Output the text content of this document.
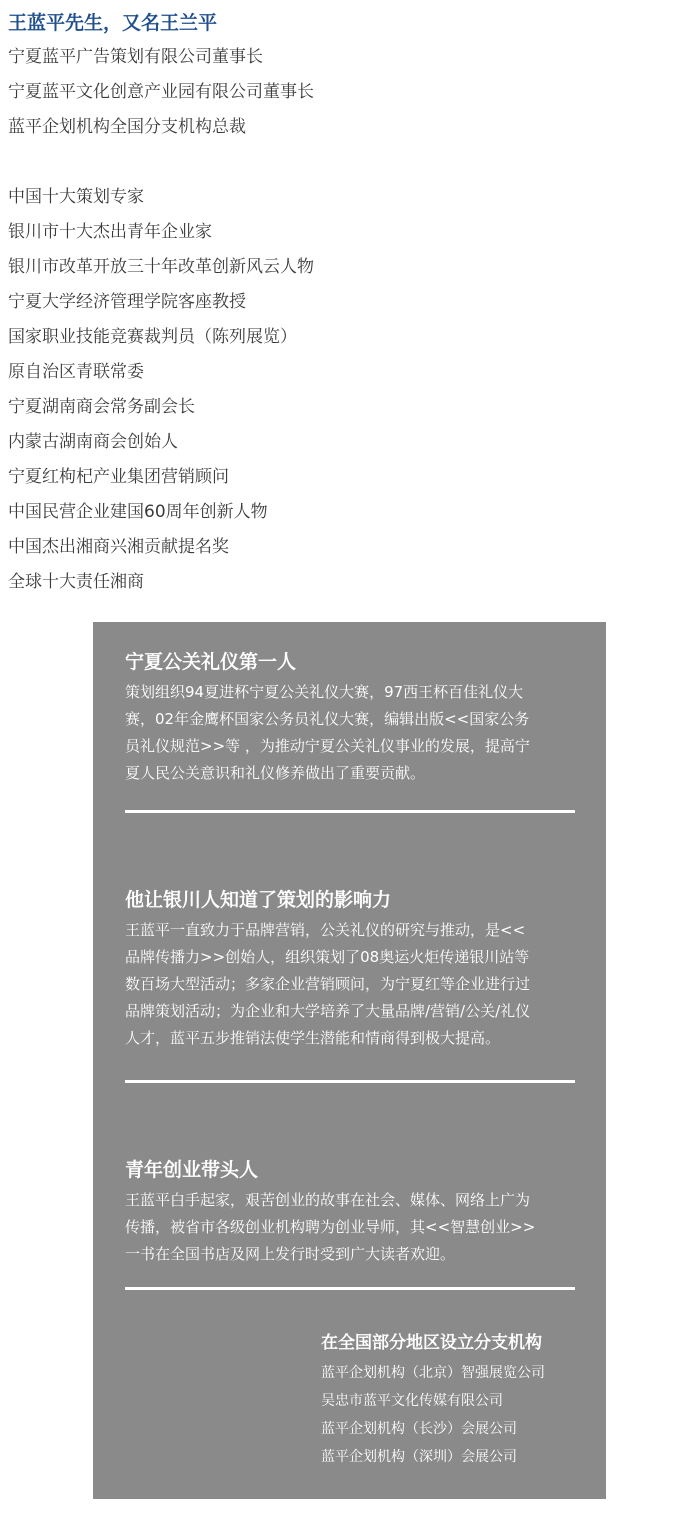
王蓝平先生，又名王兰平
宁夏蓝平广告策划有限公司董事长
宁夏蓝平文化创意产业园有限公司董事长
蓝平企划机构全国分支机构总裁
中国十大策划专家
银川市十大杰出青年企业家
银川市改革开放三十年改革创新风云人物
宁夏大学经济管理学院客座教授
国家职业技能竞赛裁判员（陈列展览）
原自治区青联常委
宁夏湖南商会常务副会长
内蒙古湖南商会创始人
宁夏红枸杞产业集团营销顾问
中国民营企业建国60周年创新人物
中国杰出湘商兴湘贡献提名奖
全球十大责任湘商
宁夏公关礼仪第一人
策划组织94夏进杯宁夏公关礼仪大赛，97西王杯百佳礼仪大
赛，02年金鹰杯国家公务员礼仪大赛，编辑出版<<国家公务
员礼仪规范>>等 ，为推动宁夏公关礼仪事业的发展，提高宁
夏人民公关意识和礼仪修养做出了重要贡献。
他让银川人知道了策划的影响力
王蓝平一直致力于品牌营销，公关礼仪的研究与推动，是<<
品牌传播力>>创始人，组织策划了08奥运火炬传递银川站等
数百场大型活动；多家企业营销顾问，为宁夏红等企业进行过
品牌策划活动；为企业和大学培养了大量品牌/营销/公关/礼仪
人才，蓝平五步推销法使学生潜能和情商得到极大提高。
青年创业带头人
王蓝平白手起家，艰苦创业的故事在社会、媒体、网络上广为
传播，被省市各级创业机构聘为创业导师，其<<智慧创业>>
一书在全国书店及网上发行时受到广大读者欢迎。
在全国部分地区设立分支机构
蓝平企划机构（北京）智强展览公司
吴忠市蓝平文化传媒有限公司
蓝平企划机构（长沙）会展公司
蓝平企划机构（深圳）会展公司
